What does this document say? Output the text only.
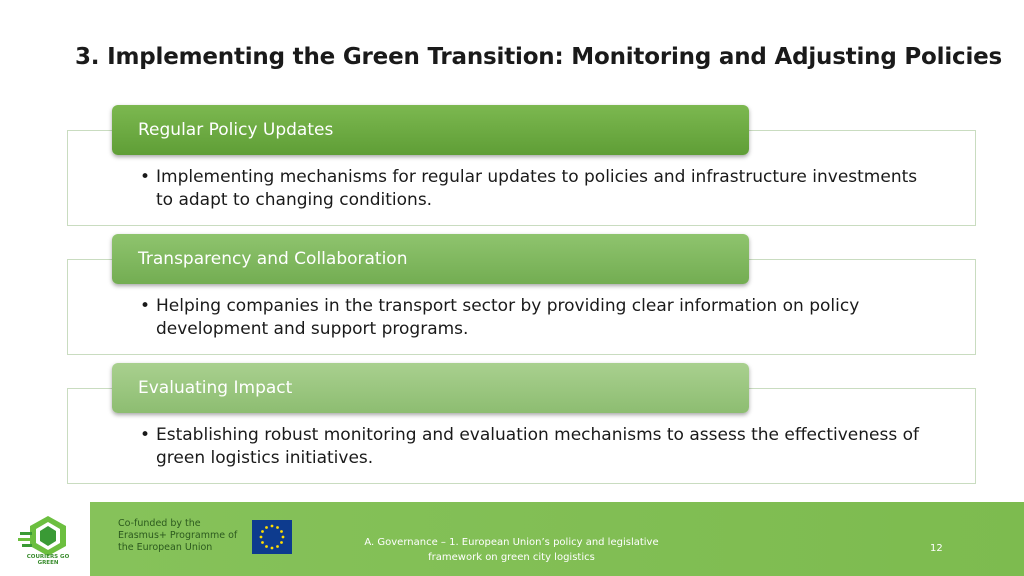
3. Implementing the Green Transition: Monitoring and Adjusting Policies
• Implementing mechanisms for regular updates to policies and infrastructure investments to adapt to changing conditions.
Regular Policy Updates
• Helping companies in the transport sector by providing clear information on policy development and support programs.
Transparency and Collaboration
• Establishing robust monitoring and evaluation mechanisms to assess the effectiveness of green logistics initiatives.
Evaluating Impact
COURIERS GO GREEN
Co-funded by the Erasmus+ Programme of the European Union	A. Governance – 1. European Union’s policy and legislative
framework on green city logistics
12
